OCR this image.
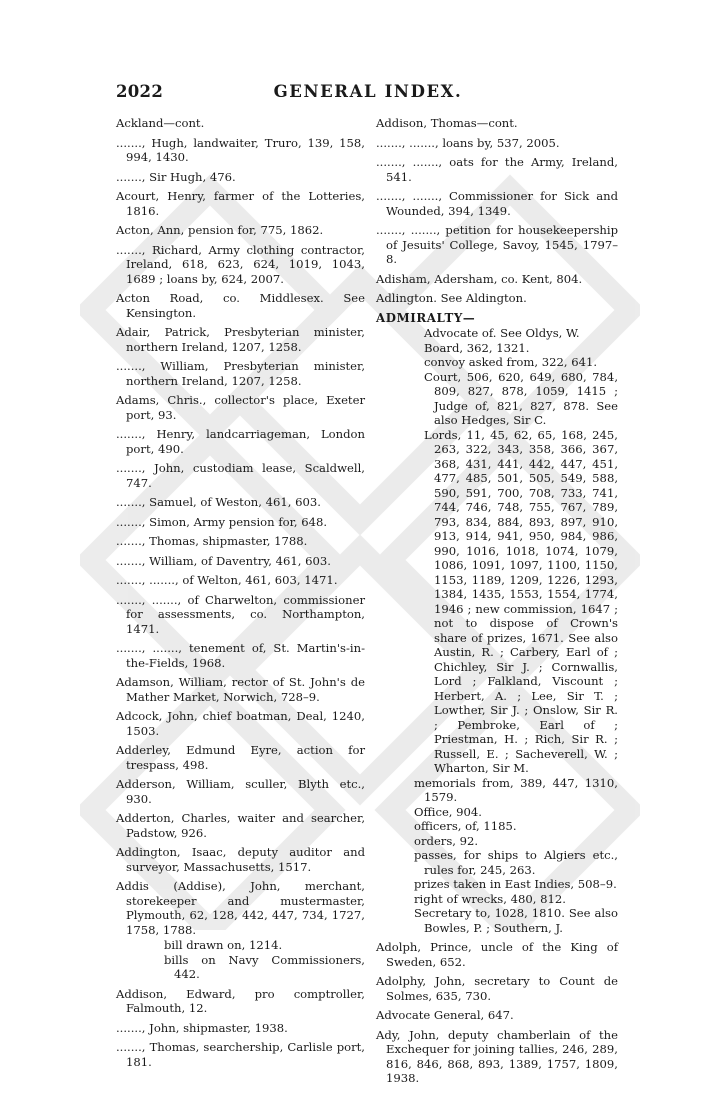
2022	GENERAL INDEX.
Ackland—cont.
......., Hugh, landwaiter, Truro, 139, 158, 994, 1430.
......., Sir Hugh, 476.
Acourt, Henry, farmer of the Lotteries, 1816.
Acton, Ann, pension for, 775, 1862.
......., Richard, Army clothing contractor, Ireland, 618, 623, 624, 1019, 1043, 1689 ; loans by, 624, 2007.
Acton Road, co. Middlesex. See Kensington.
Adair, Patrick, Presbyterian minister, northern Ireland, 1207, 1258.
......., William, Presbyterian minister, northern Ireland, 1207, 1258.
Adams, Chris., collector's place, Exeter port, 93.
......., Henry, landcarriageman, London port, 490.
......., John, custodiam lease, Scaldwell, 747.
......., Samuel, of Weston, 461, 603.
......., Simon, Army pension for, 648.
......., Thomas, shipmaster, 1788.
......., William, of Daventry, 461, 603.
......., ......., of Welton, 461, 603, 1471.
......., ......., of Charwelton, commissioner for assessments, co. Northampton, 1471.
......., ......., tenement of, St. Martin's-in-the-Fields, 1968.
Adamson, William, rector of St. John's de Mather Market, Norwich, 728–9.
Adcock, John, chief boatman, Deal, 1240, 1503.
Adderley, Edmund Eyre, action for trespass, 498.
Adderson, William, sculler, Blyth etc., 930.
Adderton, Charles, waiter and searcher, Padstow, 926.
Addington, Isaac, deputy auditor and surveyor, Massachusetts, 1517.
Addis (Addise), John, merchant, storekeeper and mustermaster, Plymouth, 62, 128, 442, 447, 734, 1727, 1758, 1788.
bill drawn on, 1214.
bills on Navy Commissioners, 442.
Addison, Edward, pro comptroller, Falmouth, 12.
......., John, shipmaster, 1938.
......., Thomas, searchership, Carlisle port, 181.
Addison, Thomas—cont.
......., ......., loans by, 537, 2005.
......., ......., oats for the Army, Ireland, 541.
......., ......., Commissioner for Sick and Wounded, 394, 1349.
......., ......., petition for housekeepership of Jesuits' College, Savoy, 1545, 1797–8.
Adisham, Adersham, co. Kent, 804.
Adlington. See Aldington.
ADMIRALTY—
Advocate of. See Oldys, W.
Board, 362, 1321.
convoy asked from, 322, 641.
Court, 506, 620, 649, 680, 784, 809, 827, 878, 1059, 1415 ; Judge of, 821, 827, 878. See also Hedges, Sir C.
Lords, 11, 45, 62, 65, 168, 245, 263, 322, 343, 358, 366, 367, 368, 431, 441, 442, 447, 451, 477, 485, 501, 505, 549, 588, 590, 591, 700, 708, 733, 741, 744, 746, 748, 755, 767, 789, 793, 834, 884, 893, 897, 910, 913, 914, 941, 950, 984, 986, 990, 1016, 1018, 1074, 1079, 1086, 1091, 1097, 1100, 1150, 1153, 1189, 1209, 1226, 1293, 1384, 1435, 1553, 1554, 1774, 1946 ; new commission, 1647 ; not to dispose of Crown's share of prizes, 1671. See also Austin, R. ; Carbery, Earl of ; Chichley, Sir J. ; Cornwallis, Lord ; Falkland, Viscount ; Herbert, A. ; Lee, Sir T. ; Lowther, Sir J. ; Onslow, Sir R. ; Pembroke, Earl of ; Priestman, H. ; Rich, Sir R. ; Russell, E. ; Sacheverell, W. ; Wharton, Sir M.
memorials from, 389, 447, 1310, 1579.
Office, 904.
officers, of, 1185.
orders, 92.
passes, for ships to Algiers etc., rules for, 245, 263.
prizes taken in East Indies, 508–9.
right of wrecks, 480, 812.
Secretary to, 1028, 1810. See also Bowles, P. ; Southern, J.
Adolph, Prince, uncle of the King of Sweden, 652.
Adolphy, John, secretary to Count de Solmes, 635, 730.
Advocate General, 647.
Ady, John, deputy chamberlain of the Exchequer for joining tallies, 246, 289, 816, 846, 868, 893, 1389, 1757, 1809, 1938.
